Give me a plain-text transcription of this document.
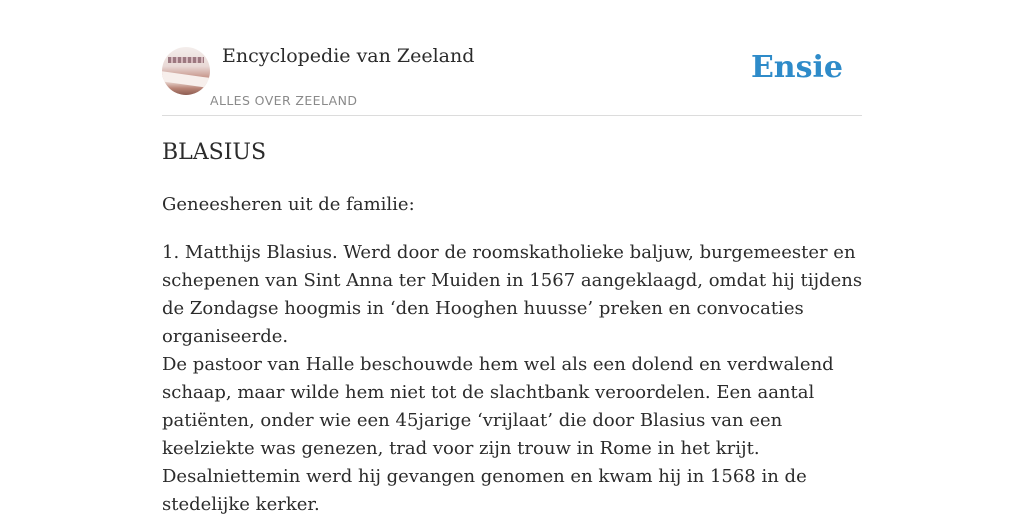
Encyclopedie van Zeeland
ALLES OVER ZEELAND
Ensie
BLASIUS
Geneesheren uit de familie:

1. Matthijs Blasius. Werd door de roomskatholieke baljuw, burgemeester en schepenen van Sint Anna ter Muiden in 1567 aangeklaagd, omdat hij tijdens de Zondagse hoogmis in ‘den Hooghen huusse’ preken en convocaties organiseerde.

De pastoor van Halle beschouwde hem wel als een dolend en verdwalend schaap, maar wilde hem niet tot de slachtbank veroordelen. Een aantal patiënten, onder wie een 45jarige ‘vrijlaat’ die door Blasius van een keelziekte was genezen, trad voor zijn trouw in Rome in het krijt. Desalniettemin werd hij gevangen genomen en kwam hij in 1568 in de stedelijke kerker.
